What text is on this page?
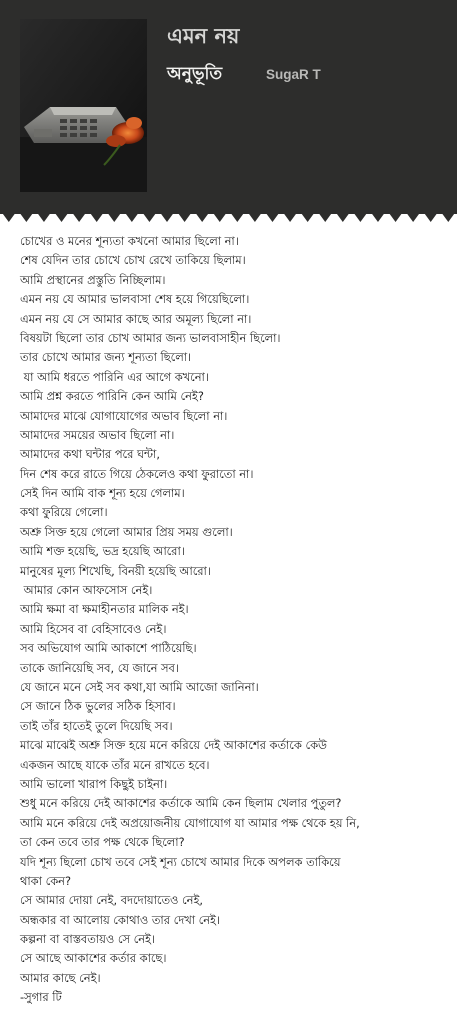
এমন নয়
অনুভূতি	SugaR T
চোখের ও মনের শূন্যতা কখনো আমার ছিলো না।
শেষ যেদিন তার চোখে চোখ রেখে তাকিয়ে ছিলাম।
আমি প্রস্থানের প্রস্তুতি নিচ্ছিলাম।
এমন নয় যে আমার ভালবাসা শেষ হয়ে গিয়েছিলো।
এমন নয় যে সে আমার কাছে আর অমূল্য ছিলো না।
বিষয়টা ছিলো তার চোখ আমার জন্য ভালবাসাহীন ছিলো।
তার চোখে আমার জন্য শূন্যতা ছিলো।
যা আমি ধরতে পারিনি এর আগে কখনো।
আমি প্রশ্ন করতে পারিনি কেন আমি নেই?
আমাদের মাঝে যোগাযোগের অভাব ছিলো না।
আমাদের সময়ের অভাব ছিলো না।
আমাদের কথা ঘন্টার পরে ঘন্টা,
দিন শেষ করে রাতে গিয়ে ঠেকলেও কথা ফুরাতো না।
সেই দিন আমি বাক শূন্য হয়ে গেলাম।
কথা ফুরিয়ে গেলো।
অশ্রু সিক্ত হয়ে গেলো আমার প্রিয় সময় গুলো।
আমি শক্ত হয়েছি, ভদ্র হয়েছি আরো।
মানুষের মূল্য শিখেছি, বিনয়ী হয়েছি আরো।
আমার কোন আফসোস নেই।
আমি ক্ষমা বা ক্ষমাহীনতার মালিক নই।
আমি হিসেব বা বেহিসাবেও নেই।
সব অভিযোগ আমি আকাশে পাঠিয়েছি।
তাকে জানিয়েছি সব, যে জানে সব।
যে জানে মনে সেই সব কথা,যা আমি আজো জানিনা।
সে জানে ঠিক ভুলের সঠিক হিসাব।
তাই তাঁর হাতেই তুলে দিয়েছি সব।
মাঝে মাঝেই অশ্রু সিক্ত হয়ে মনে করিয়ে দেই আকাশের কর্তাকে কেউ
একজন আছে যাকে তাঁর মনে রাখতে হবে।
আমি ভালো খারাপ কিছুই চাইনা।
শুধু মনে করিয়ে দেই আকাশের কর্তাকে আমি কেন ছিলাম খেলার পুতুল?
আমি মনে করিয়ে দেই অপ্রয়োজনীয় যোগাযোগ যা আমার পক্ষ থেকে হয় নি,
তা কেন তবে তার পক্ষ থেকে ছিলো?
যদি শূন্য ছিলো চোখ তবে সেই শূন্য চোখে আমার দিকে অপলক তাকিয়ে
থাকা কেন?
সে আমার দোয়া নেই, বদদোয়াতেও নেই,
অন্ধকার বা আলোয় কোথাও তার দেখা নেই।
কল্পনা বা বাস্তবতায়ও সে নেই।
সে আছে আকাশের কর্তার কাছে।
আমার কাছে নেই।
-সুগার টি
